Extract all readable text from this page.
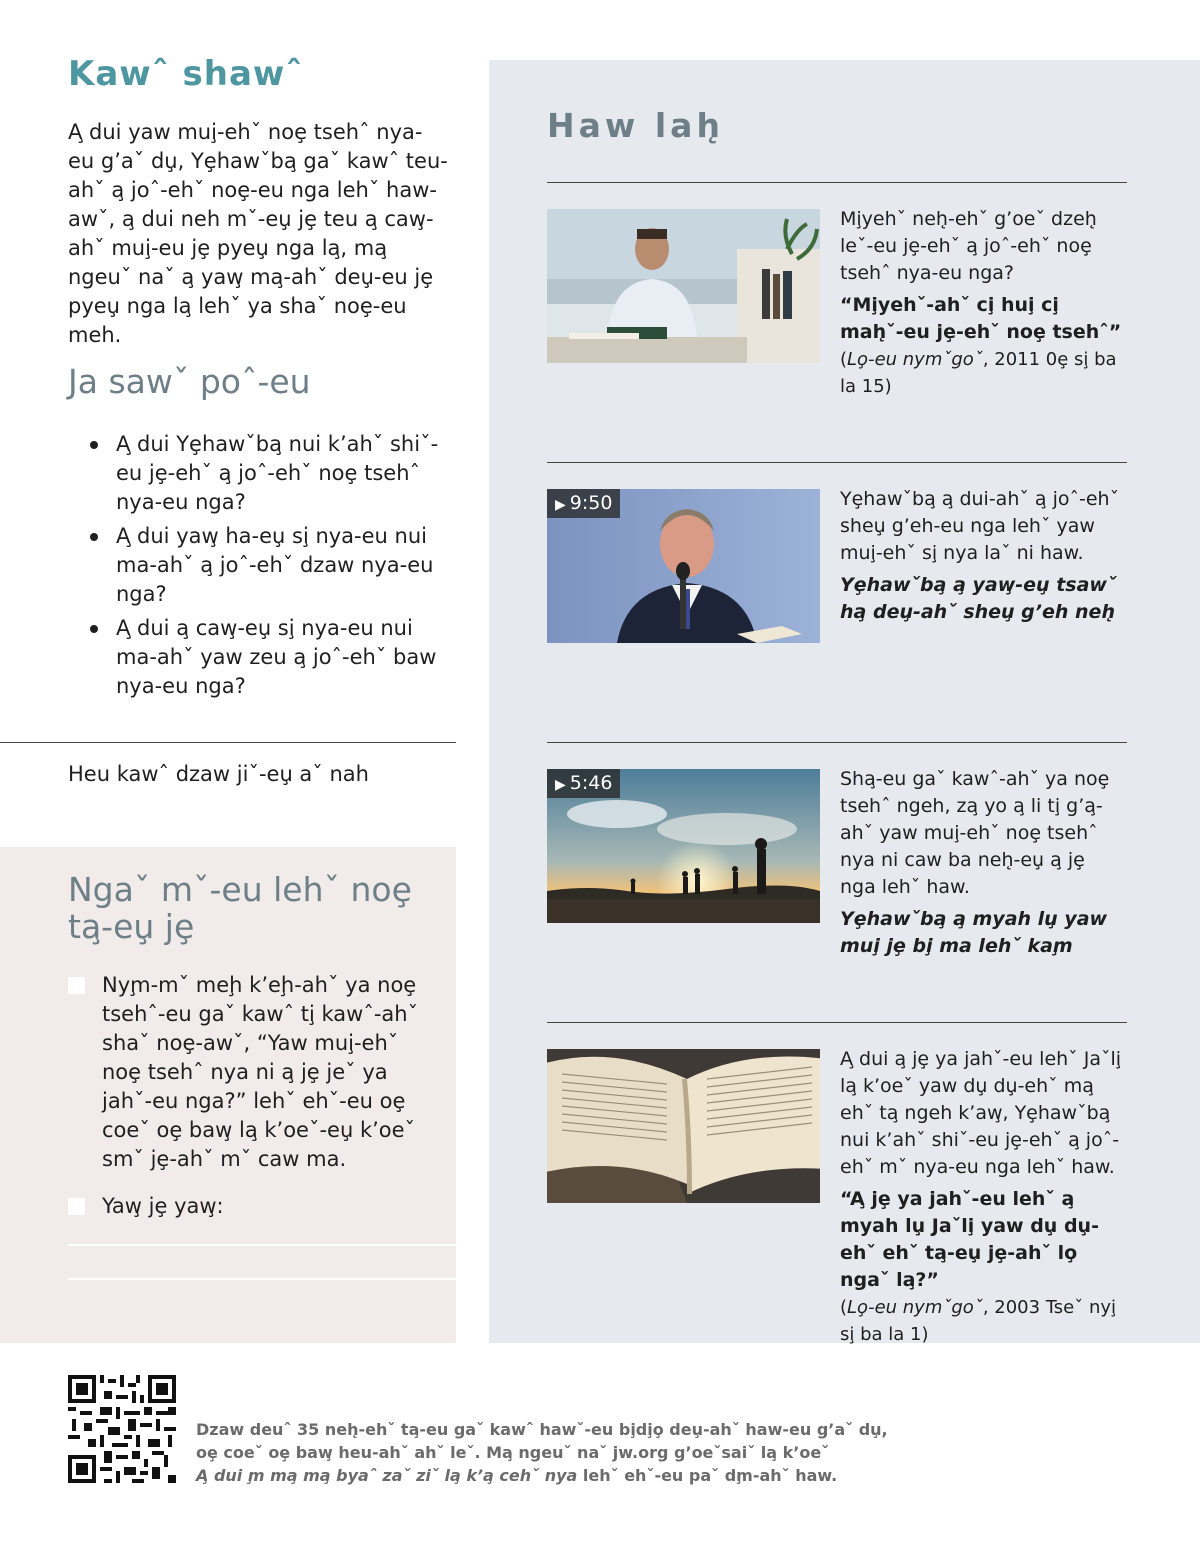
Kawˆ shawˆ

A̧ dui yaw mui̧-ehˇ noȩ tsehˆ nya-eu g’aˇ du̧, Yȩhawˇba̧ gaˇ kawˆ teu-ahˇ a̧ joˆ-ehˇ noȩ-eu nga lehˇ haw-awˇ, a̧ dui neh mˇ-eu̧ jȩ teu a̧ caw̧-ahˇ mui̧-eu jȩ pyeu̧ nga la̧, ma̧ ngeuˇ naˇ a̧ yaw̧ ma̧-ahˇ deu̧-eu jȩ pyeu̧ nga la̧ lehˇ ya shaˇ noȩ-eu meh.

Ja sawˇ poˆ-eu
A̧ dui Yȩhawˇba̧ nui k’ahˇ shiˇ-eu jȩ-ehˇ a̧ joˆ-ehˇ noȩ tsehˆ nya-eu nga?
A̧ dui yaw̧ ha-eu̧ si̧ nya-eu nui ma-ahˇ a̧ joˆ-ehˇ dzaw nya-eu nga?
A̧ dui a̧ caw̧-eu̧ si̧ nya-eu nui ma-ahˇ yaw zeu a̧ joˆ-ehˇ baw nya-eu nga?
Heu kawˆ dzaw jiˇ-eu̧ aˇ nah
Ngaˇ mˇ-eu lehˇ noȩ ta̧-eu̧ jȩ
Nym̧-mˇ meḩ k’eḩ-ahˇ ya noȩ tsehˆ-eu gaˇ kawˆ ti̧ kawˆ-ahˇ shaˇ noȩ-awˇ, “Yaw mui̧-ehˇ noȩ tsehˆ nya ni a̧ jȩ jeˇ ya jahˇ-eu nga?” lehˇ ehˇ-eu oȩ coeˇ oȩ baw̧ la̧ k’oeˇ-eu̧ k’oeˇ smˇ jȩ-ahˇ mˇ caw ma.
Yaw̧ jȩ yaw̧:
Haw lah̨

Mi̧yehˇ neh̨-ehˇ g’oeˇ dzeh̨ leˇ-eu jȩ-ehˇ a̧ joˆ-ehˇ noȩ tsehˆ nya-eu nga?

“Mi̧yehˇ-ahˇ ci̧ hui̧ ci̧ mah̨ˇ-eu jȩ-ehˇ noȩ tsehˆ” (Lo̧-eu nymˇgoˇ, 2011 0ȩ si̧ ba la 15)

▶ 9:50	Yȩhawˇba̧ a̧ dui-ahˇ a̧ joˆ-ehˇ sheu̧ g’eh-eu nga lehˇ yaw mui̧-ehˇ si̧ nya laˇ ni haw.

Yȩhawˇba̧ a̧ yaw̧-eu̧ tsawˇ ha̧ deu̧-ahˇ sheu̧ g’eh neh̨

▶ 5:46	Sha̧-eu gaˇ kawˆ-ahˇ ya noȩ tsehˆ ngeh, za̧ yo a̧ li ti̧ g’a̧-ahˇ yaw mui̧-ehˇ noȩ tsehˆ nya ni caw ba neh̨-eu̧ a̧ jȩ nga lehˇ haw.

Yȩhawˇba̧ a̧ myah lu̧ yaw mui̧ jȩ bi̧ ma lehˇ kam̧

A̧ dui a̧ jȩ ya jahˇ-eu lehˇ Jaˇli̧ la̧ k’oeˇ yaw du̧ du̧-ehˇ ma̧ ehˇ ta̧ ngeh k’aw̧, Yȩhawˇba̧ nui k’ahˇ shiˇ-eu jȩ-ehˇ a̧ joˆ-ehˇ mˇ nya-eu nga lehˇ haw.

“A̧ jȩ ya jahˇ-eu lehˇ a̧ myah lu̧ Jaˇli̧ yaw du̧ du̧-ehˇ ehˇ ta̧-eu̧ jȩ-ahˇ lo̧ ngaˇ la̧?”
(Lo̧-eu nymˇgoˇ, 2003 Tseˇ nyi̧ si̧ ba la 1)

Dzaw deuˆ 35 neh̨-ehˇ ta̧-eu gaˇ kawˆ hawˇ-eu bi̧di̧o̧ deu̧-ahˇ haw-eu g’aˇ du̧,

oȩ coeˇ oȩ baw̧ heu-ahˇ ahˇ leˇ. Ma̧ ngeuˇ naˇ jw.org g’oeˇsaiˇ la̧ k’oeˇ

A̧ dui m̧ ma̧ ma̧ byaˆ zaˇ ziˇ la̧ k’a̧ cehˇ nya lehˇ ehˇ-eu paˇ dm̧-ahˇ haw.
